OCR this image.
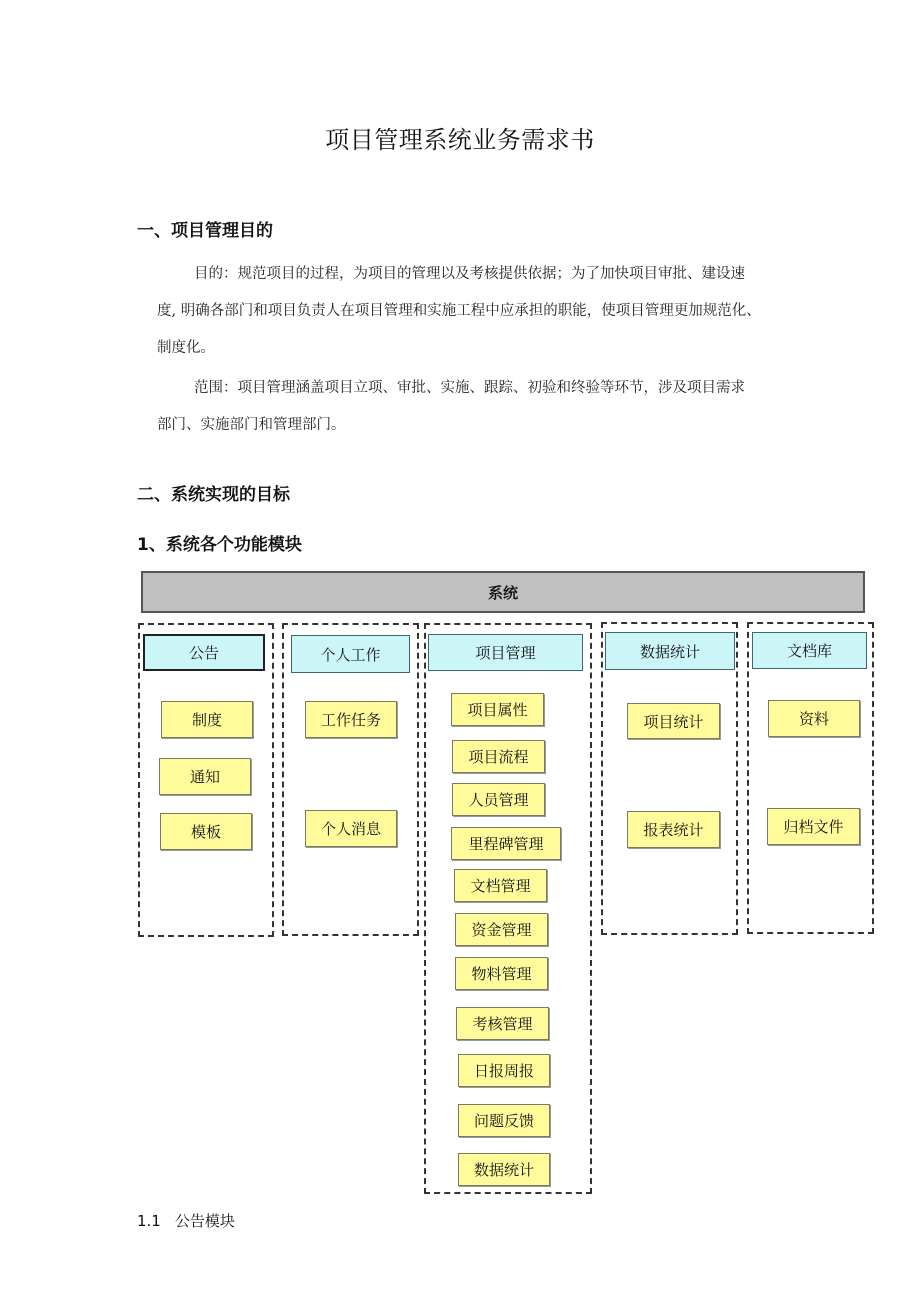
项目管理系统业务需求书
一、项目管理目的
目的：规范项目的过程，为项目的管理以及考核提供依据；为了加快项目审批、建设速
度, 明确各部门和项目负责人在项目管理和实施工程中应承担的职能，使项目管理更加规范化、
制度化。
范围：项目管理涵盖项目立项、审批、实施、跟踪、初验和终验等环节，涉及项目需求
部门、实施部门和管理部门。
二、系统实现的目标
1、系统各个功能模块
系统
公告
制度
通知
模板
个人工作
工作任务
个人消息
项目管理
项目属性
项目流程
人员管理
里程碑管理
文档管理
资金管理
物料管理
考核管理
日报周报
问题反馈
数据统计
数据统计
项目统计
报表统计
文档库
资料
归档文件
1.1 公告模块
